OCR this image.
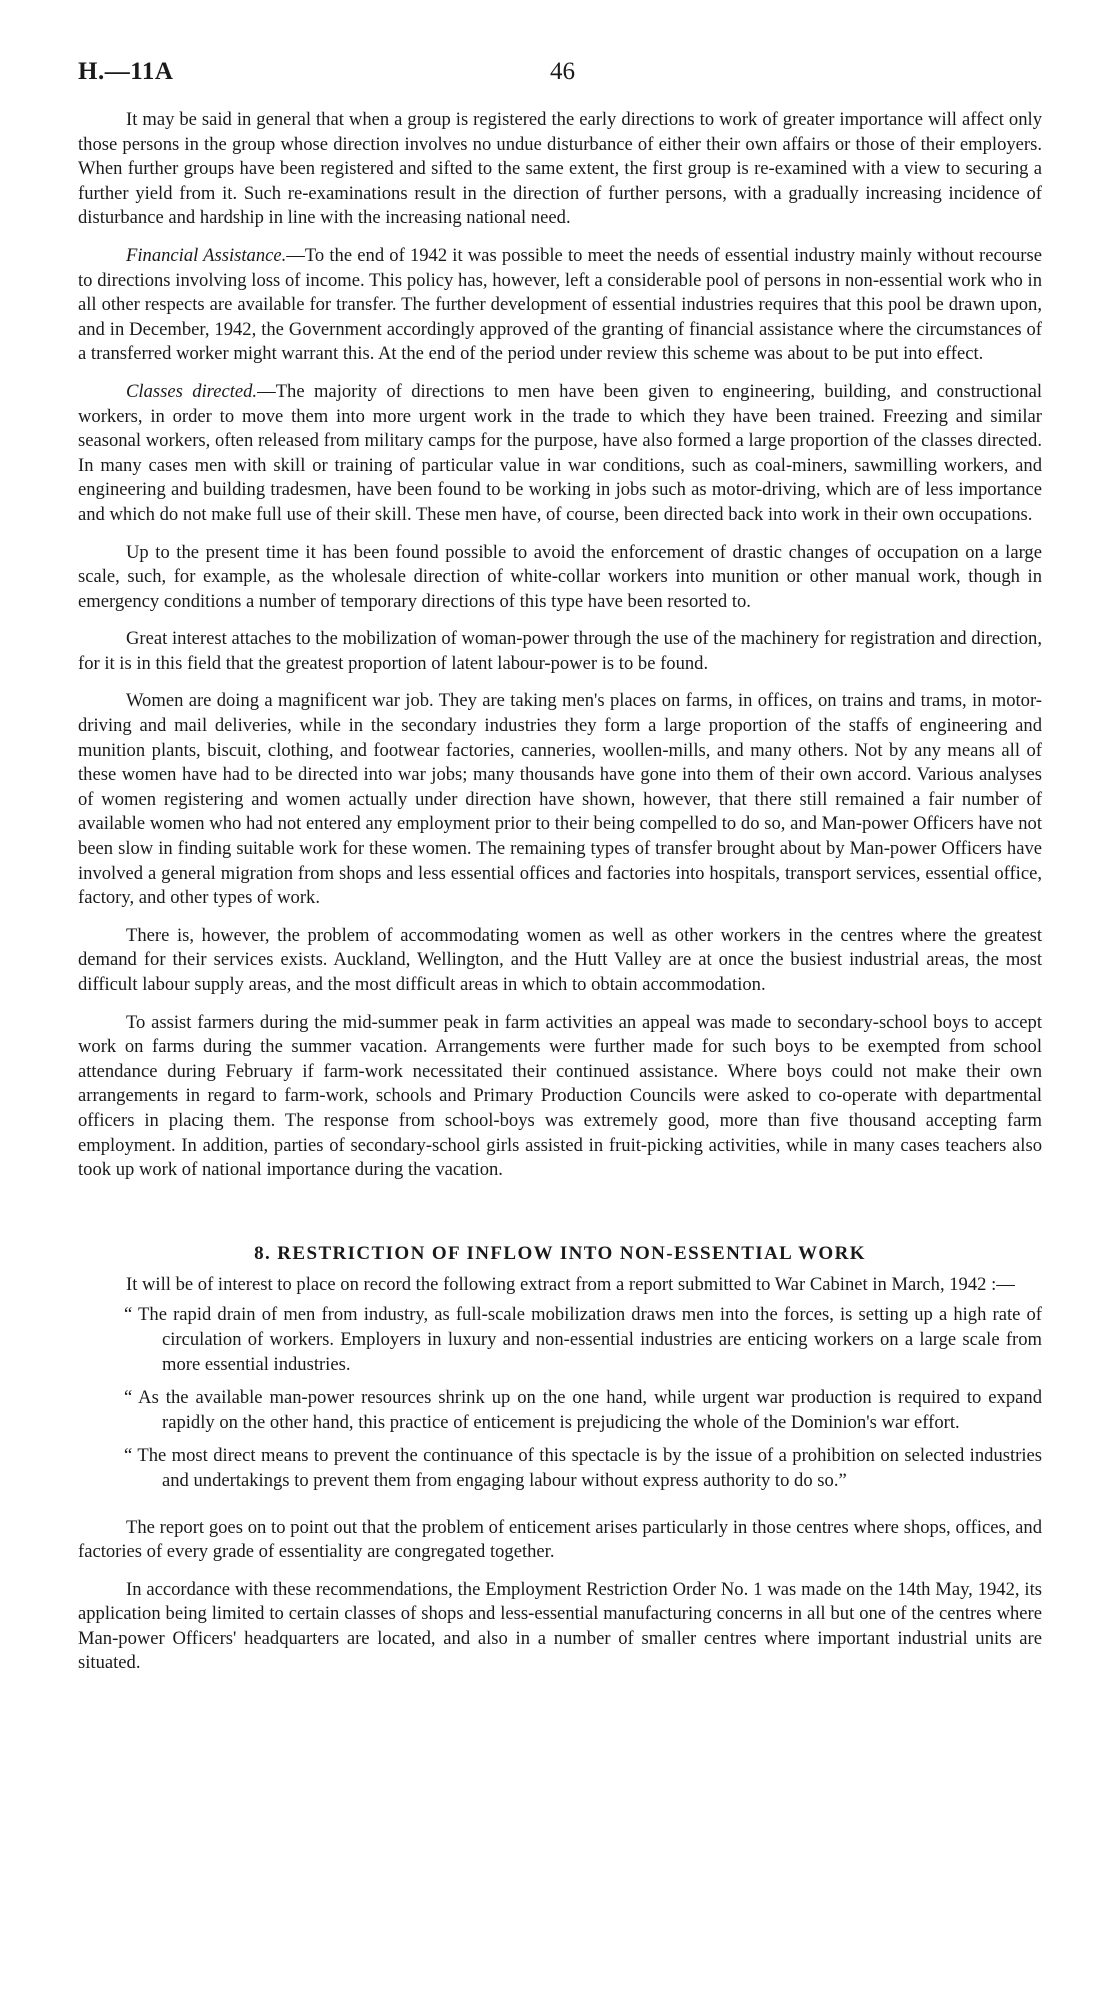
H.—11A	46

It may be said in general that when a group is registered the early directions to work of greater importance will affect only those persons in the group whose direction involves no undue disturbance of either their own affairs or those of their employers. When further groups have been registered and sifted to the same extent, the first group is re-examined with a view to securing a further yield from it. Such re-examinations result in the direction of further persons, with a gradually increasing incidence of disturbance and hardship in line with the increasing national need.

Financial Assistance.—To the end of 1942 it was possible to meet the needs of essential industry mainly without recourse to directions involving loss of income. This policy has, however, left a considerable pool of persons in non-essential work who in all other respects are available for transfer. The further development of essential industries requires that this pool be drawn upon, and in December, 1942, the Government accordingly approved of the granting of financial assistance where the circumstances of a transferred worker might warrant this. At the end of the period under review this scheme was about to be put into effect.

Classes directed.—The majority of directions to men have been given to engineering, building, and constructional workers, in order to move them into more urgent work in the trade to which they have been trained. Freezing and similar seasonal workers, often released from military camps for the purpose, have also formed a large proportion of the classes directed. In many cases men with skill or training of particular value in war conditions, such as coal-miners, sawmilling workers, and engineering and building tradesmen, have been found to be working in jobs such as motor-driving, which are of less importance and which do not make full use of their skill. These men have, of course, been directed back into work in their own occupations.

Up to the present time it has been found possible to avoid the enforcement of drastic changes of occupation on a large scale, such, for example, as the wholesale direction of white-collar workers into munition or other manual work, though in emergency conditions a number of temporary directions of this type have been resorted to.

Great interest attaches to the mobilization of woman-power through the use of the machinery for registration and direction, for it is in this field that the greatest proportion of latent labour-power is to be found.

Women are doing a magnificent war job. They are taking men's places on farms, in offices, on trains and trams, in motor-driving and mail deliveries, while in the secondary industries they form a large proportion of the staffs of engineering and munition plants, biscuit, clothing, and footwear factories, canneries, woollen-mills, and many others. Not by any means all of these women have had to be directed into war jobs; many thousands have gone into them of their own accord. Various analyses of women registering and women actually under direction have shown, however, that there still remained a fair number of available women who had not entered any employment prior to their being compelled to do so, and Man-power Officers have not been slow in finding suitable work for these women. The remaining types of transfer brought about by Man-power Officers have involved a general migration from shops and less essential offices and factories into hospitals, transport services, essential office, factory, and other types of work.

There is, however, the problem of accommodating women as well as other workers in the centres where the greatest demand for their services exists. Auckland, Wellington, and the Hutt Valley are at once the busiest industrial areas, the most difficult labour supply areas, and the most difficult areas in which to obtain accommodation.

To assist farmers during the mid-summer peak in farm activities an appeal was made to secondary-school boys to accept work on farms during the summer vacation. Arrangements were further made for such boys to be exempted from school attendance during February if farm-work necessitated their continued assistance. Where boys could not make their own arrangements in regard to farm-work, schools and Primary Production Councils were asked to co-operate with departmental officers in placing them. The response from school-boys was extremely good, more than five thousand accepting farm employment. In addition, parties of secondary-school girls assisted in fruit-picking activities, while in many cases teachers also took up work of national importance during the vacation.

8. RESTRICTION OF INFLOW INTO NON-ESSENTIAL WORK

It will be of interest to place on record the following extract from a report submitted to War Cabinet in March, 1942 :—

“ The rapid drain of men from industry, as full-scale mobilization draws men into the forces, is setting up a high rate of circulation of workers. Employers in luxury and non-essential industries are enticing workers on a large scale from more essential industries.
“ As the available man-power resources shrink up on the one hand, while urgent war production is required to expand rapidly on the other hand, this practice of enticement is prejudicing the whole of the Dominion's war effort.
“ The most direct means to prevent the continuance of this spectacle is by the issue of a prohibition on selected industries and undertakings to prevent them from engaging labour without express authority to do so.”

The report goes on to point out that the problem of enticement arises particularly in those centres where shops, offices, and factories of every grade of essentiality are congregated together.

In accordance with these recommendations, the Employment Restriction Order No. 1 was made on the 14th May, 1942, its application being limited to certain classes of shops and less-essential manufacturing concerns in all but one of the centres where Man-power Officers' headquarters are located, and also in a number of smaller centres where important industrial units are situated.
